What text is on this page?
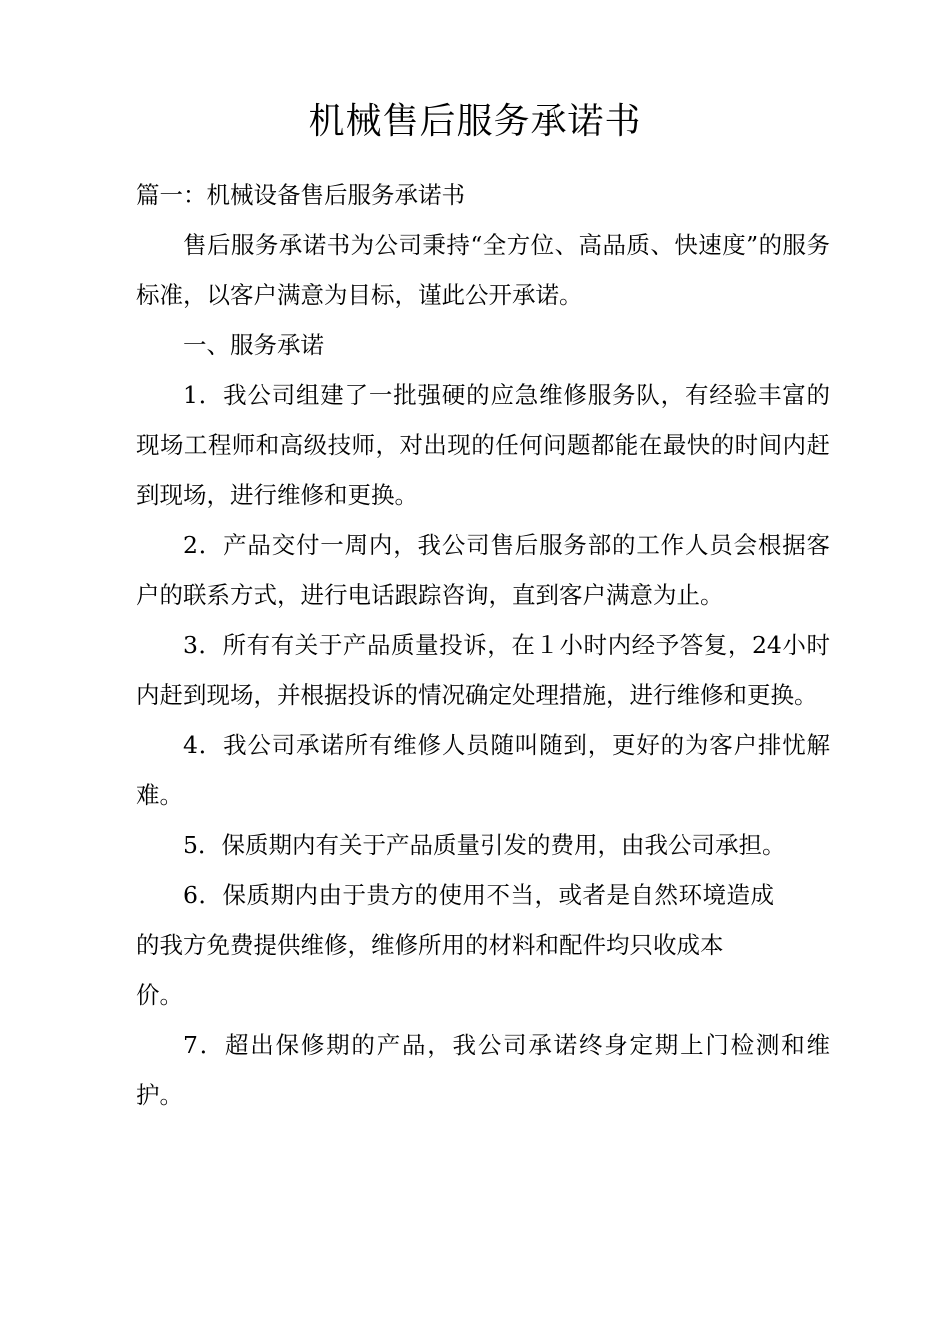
机械售后服务承诺书

篇一：机械设备售后服务承诺书

售后服务承诺书为公司秉持“全方位、高品质、快速度”的服务标准，以客户满意为目标，谨此公开承诺。

一、服务承诺

1．我公司组建了一批强硬的应急维修服务队，有经验丰富的现场工程师和高级技师，对出现的任何问题都能在最快的时间内赶到现场，进行维修和更换。

2．产品交付一周内，我公司售后服务部的工作人员会根据客户的联系方式，进行电话跟踪咨询，直到客户满意为止。

3．所有有关于产品质量投诉，在１小时内经予答复，24小时内赶到现场，并根据投诉的情况确定处理措施，进行维修和更换。

4．我公司承诺所有维修人员随叫随到，更好的为客户排忧解难。

5．保质期内有关于产品质量引发的费用，由我公司承担。

6．保质期内由于贵方的使用不当，或者是自然环境造成的我方免费提供维修，维修所用的材料和配件均只收成本

价。

7．超出保修期的产品，我公司承诺终身定期上门检测和维护。
